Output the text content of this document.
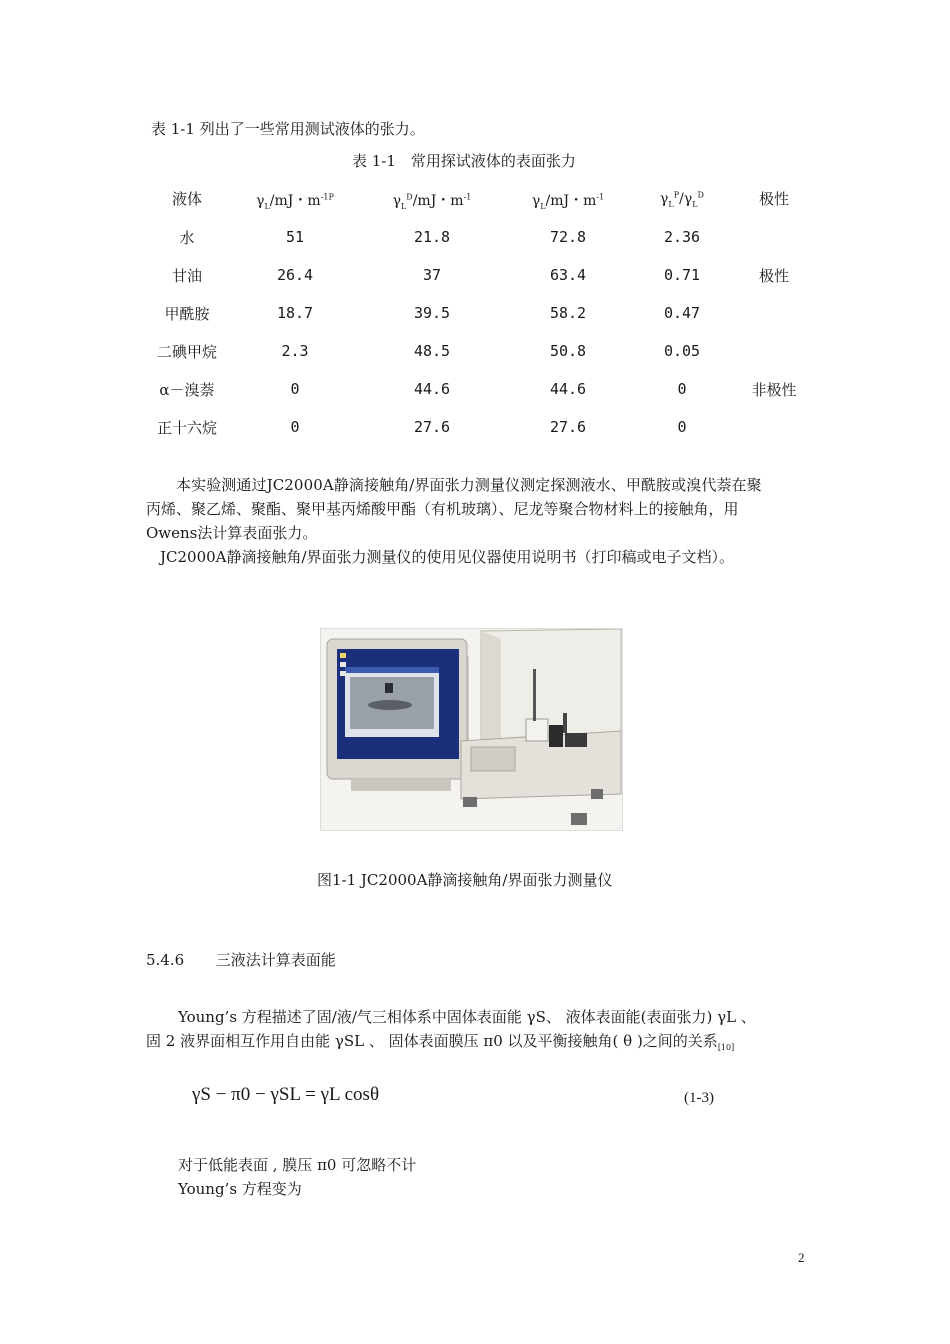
表 1-1 列出了一些常用测试液体的张力。
表 1-1　常用探试液体的表面张力
液体	$\gamma_L/mJ$・$m^{-1P}$	$\gamma_L^D/mJ$・$m^{-1}$	$\gamma_L/mJ$・$m^{-1}$	$\gamma_L^P/\gamma_L^D$	极性
水	51	21.8	72.8	2.36
甘油	26.4	37	63.4	0.71	极性
甲酰胺	18.7	39.5	58.2	0.47
二碘甲烷	2.3	48.5	50.8	0.05
α－溴萘	0	44.6	44.6	0	非极性
正十六烷	0	27.6	27.6	0
本实验测通过JC2000A静滴接触角/界面张力测量仪测定探测液水、甲酰胺或溴代萘在聚
丙烯、聚乙烯、聚酯、聚甲基丙烯酸甲酯（有机玻璃）、尼龙等聚合物材料上的接触角，用
Owens法计算表面张力。
JC2000A静滴接触角/界面张力测量仪的使用见仪器使用说明书（打印稿或电子文档）。
图1-1 JC2000A静滴接触角/界面张力测量仪
5.4.6 三液法计算表面能
Young’s 方程描述了固/液/气三相体系中固体表面能 γS、 液体表面能(表面张力) γL 、
固 2 液界面相互作用自由能 γSL 、 固体表面膜压 π0 以及平衡接触角( θ )之间的关系$_{[10]}$
γS − π0 − γSL = γL cosθ	(1-3)
对于低能表面 , 膜压 π0 可忽略不计
Young’s 方程变为
2
